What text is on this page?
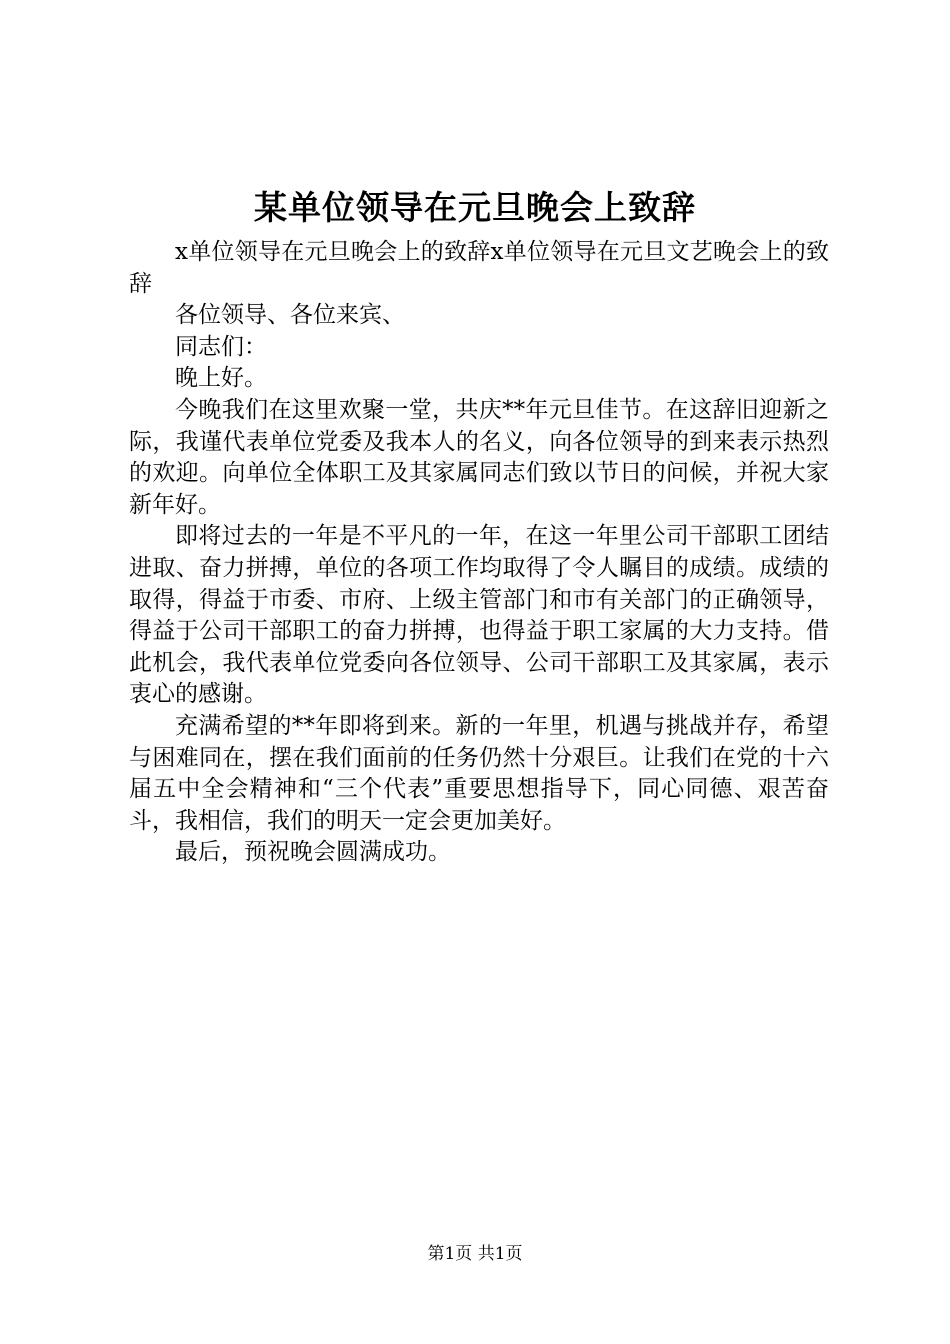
某单位领导在元旦晚会上致辞

x单位领导在元旦晚会上的致辞x单位领导在元旦文艺晚会上的致辞

各位领导、各位来宾、

同志们：

晚上好。

今晚我们在这里欢聚一堂，共庆**年元旦佳节。在这辞旧迎新之际，我谨代表单位党委及我本人的名义，向各位领导的到来表示热烈的欢迎。向单位全体职工及其家属同志们致以节日的问候，并祝大家新年好。

即将过去的一年是不平凡的一年，在这一年里公司干部职工团结进取、奋力拼搏，单位的各项工作均取得了令人瞩目的成绩。成绩的取得，得益于市委、市府、上级主管部门和市有关部门的正确领导，得益于公司干部职工的奋力拼搏，也得益于职工家属的大力支持。借此机会，我代表单位党委向各位领导、公司干部职工及其家属，表示衷心的感谢。

充满希望的**年即将到来。新的一年里，机遇与挑战并存，希望与困难同在，摆在我们面前的任务仍然十分艰巨。让我们在党的十六届五中全会精神和“三个代表”重要思想指导下，同心同德、艰苦奋斗，我相信，我们的明天一定会更加美好。

最后，预祝晚会圆满成功。

第1页 共1页
